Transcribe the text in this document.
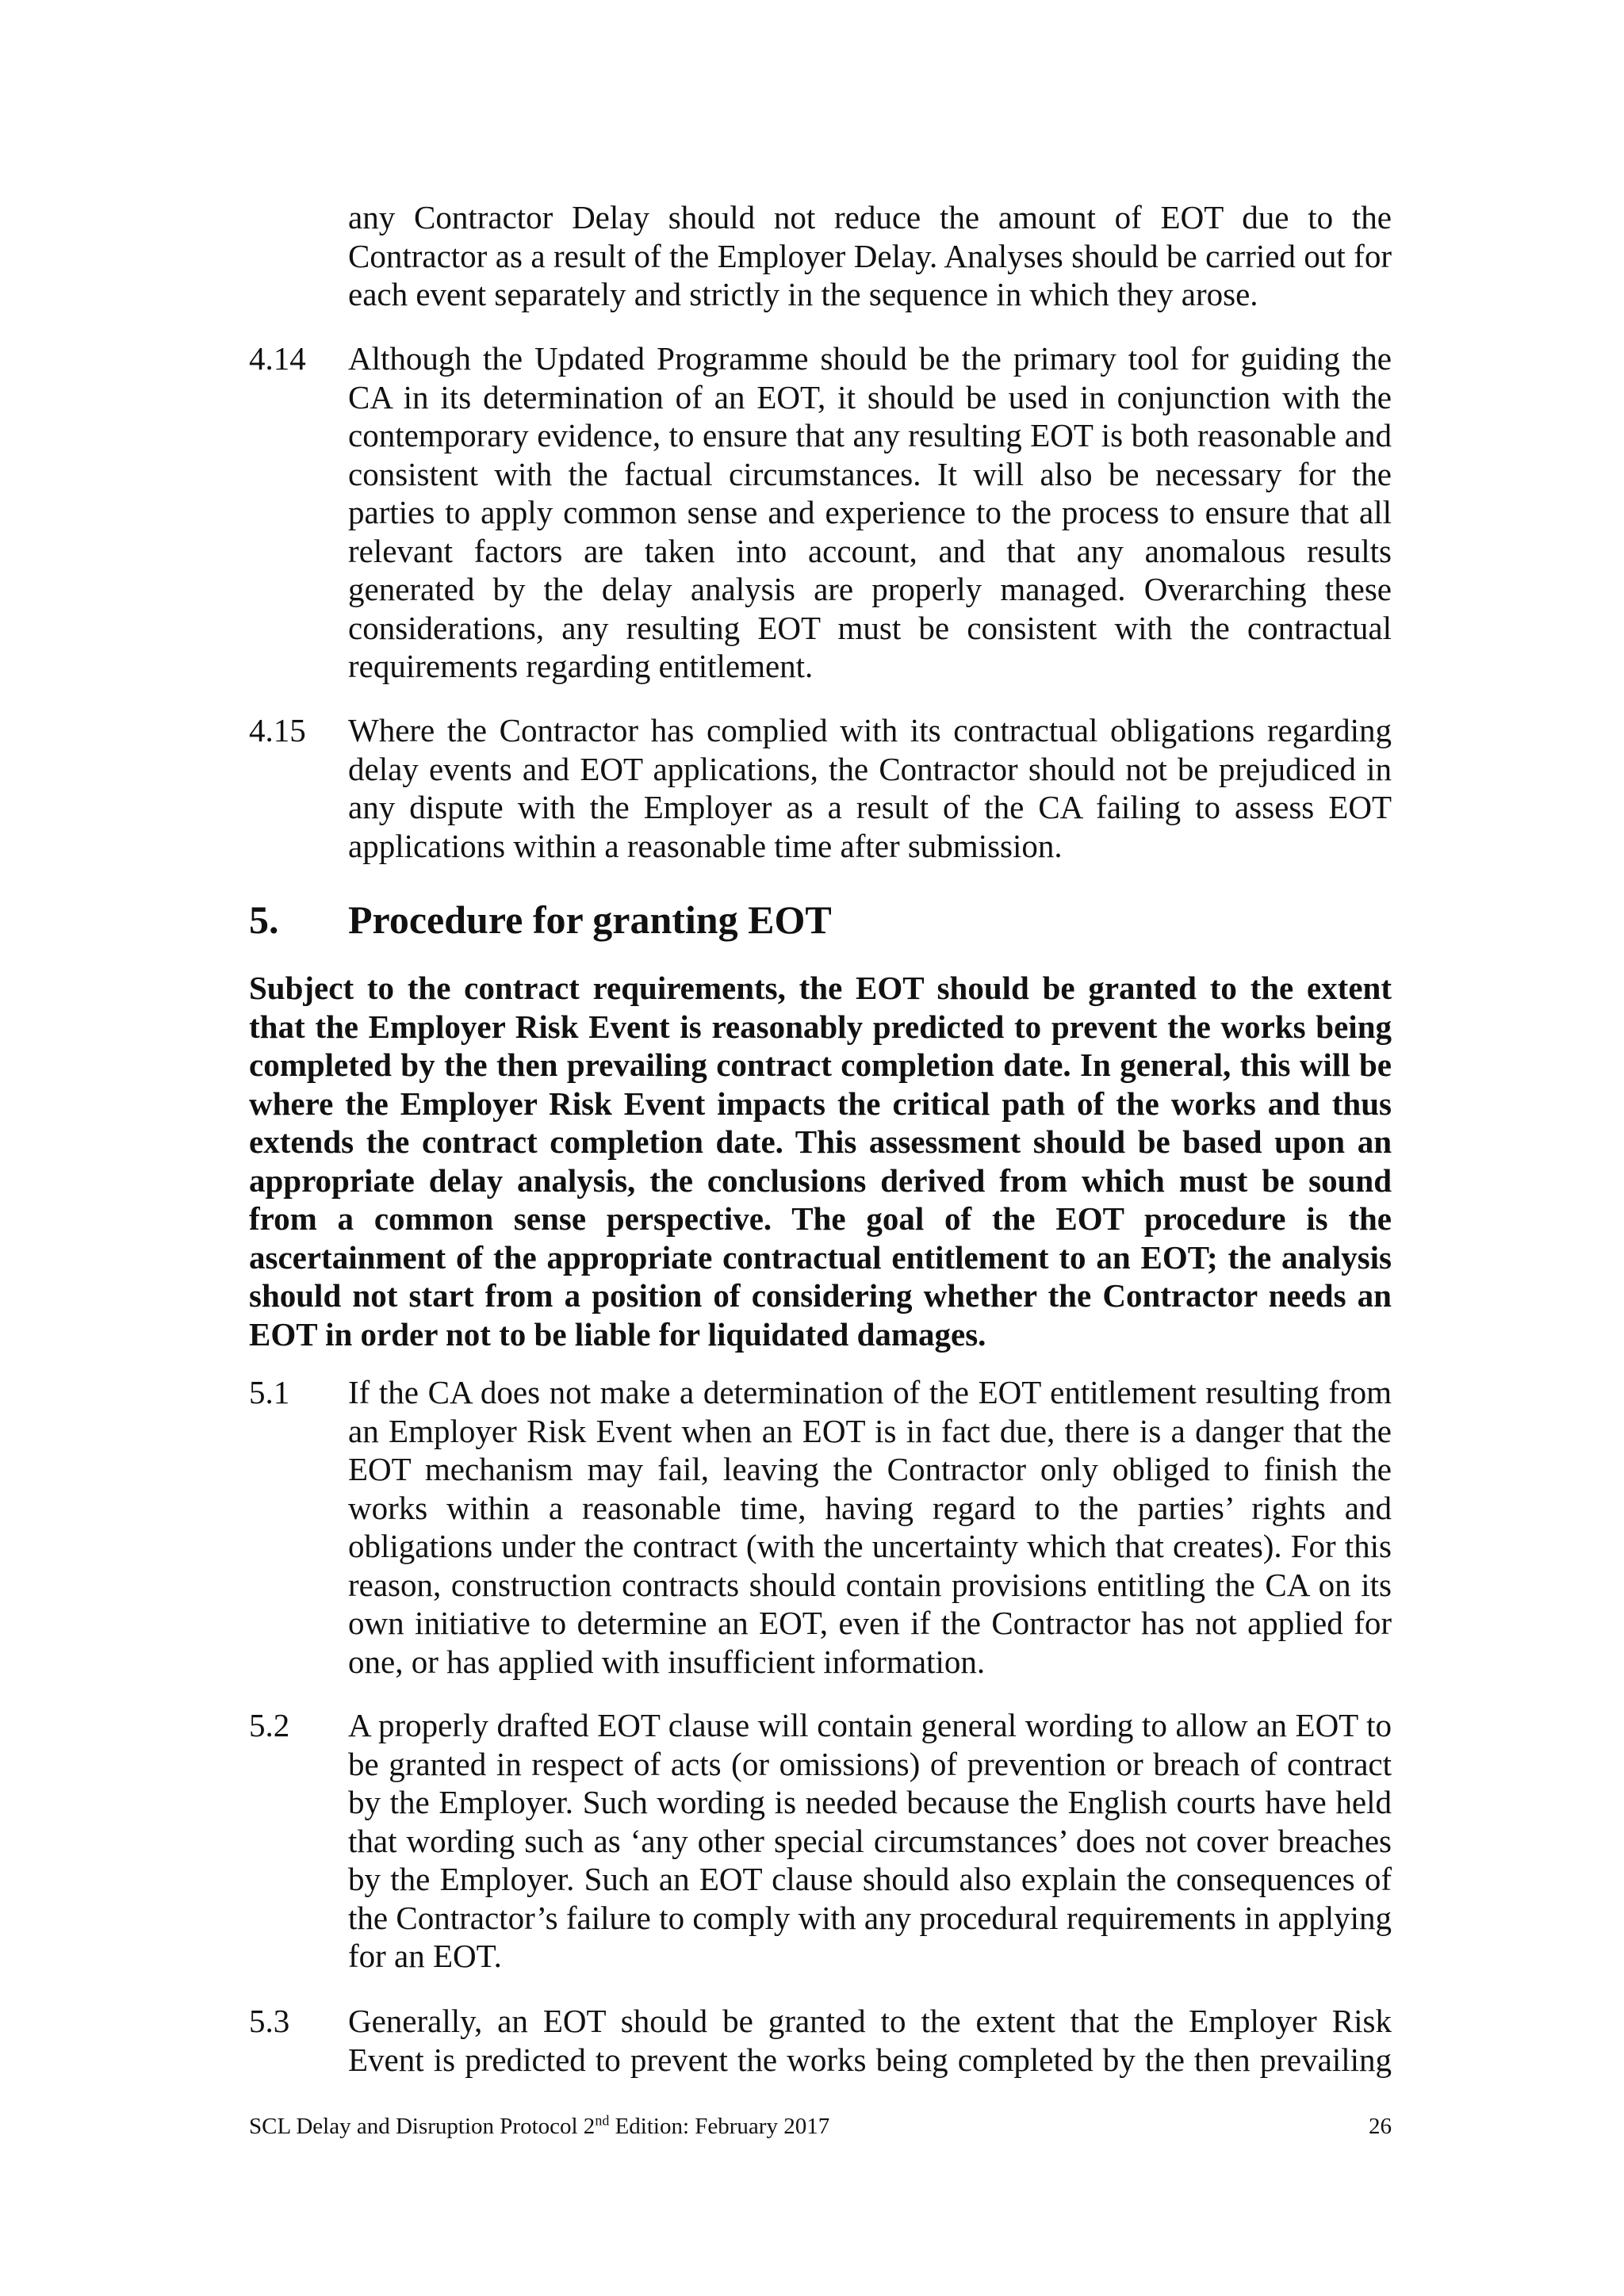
any Contractor Delay should not reduce the amount of EOT due to the Contractor as a result of the Employer Delay. Analyses should be carried out for each event separately and strictly in the sequence in which they arose.
4.14 Although the Updated Programme should be the primary tool for guiding the CA in its determination of an EOT, it should be used in conjunction with the contemporary evidence, to ensure that any resulting EOT is both reasonable and consistent with the factual circumstances. It will also be necessary for the parties to apply common sense and experience to the process to ensure that all relevant factors are taken into account, and that any anomalous results generated by the delay analysis are properly managed. Overarching these considerations, any resulting EOT must be consistent with the contractual requirements regarding entitlement.
4.15 Where the Contractor has complied with its contractual obligations regarding delay events and EOT applications, the Contractor should not be prejudiced in any dispute with the Employer as a result of the CA failing to assess EOT applications within a reasonable time after submission.
5. Procedure for granting EOT
Subject to the contract requirements, the EOT should be granted to the extent that the Employer Risk Event is reasonably predicted to prevent the works being completed by the then prevailing contract completion date. In general, this will be where the Employer Risk Event impacts the critical path of the works and thus extends the contract completion date. This assessment should be based upon an appropriate delay analysis, the conclusions derived from which must be sound from a common sense perspective. The goal of the EOT procedure is the ascertainment of the appropriate contractual entitlement to an EOT; the analysis should not start from a position of considering whether the Contractor needs an EOT in order not to be liable for liquidated damages.
5.1 If the CA does not make a determination of the EOT entitlement resulting from an Employer Risk Event when an EOT is in fact due, there is a danger that the EOT mechanism may fail, leaving the Contractor only obliged to finish the works within a reasonable time, having regard to the parties’ rights and obligations under the contract (with the uncertainty which that creates). For this reason, construction contracts should contain provisions entitling the CA on its own initiative to determine an EOT, even if the Contractor has not applied for one, or has applied with insufficient information.
5.2 A properly drafted EOT clause will contain general wording to allow an EOT to be granted in respect of acts (or omissions) of prevention or breach of contract by the Employer. Such wording is needed because the English courts have held that wording such as ‘any other special circumstances’ does not cover breaches by the Employer. Such an EOT clause should also explain the consequences of the Contractor’s failure to comply with any procedural requirements in applying for an EOT.
5.3 Generally, an EOT should be granted to the extent that the Employer Risk Event is predicted to prevent the works being completed by the then prevailing
SCL Delay and Disruption Protocol 2nd Edition: February 2017	26
